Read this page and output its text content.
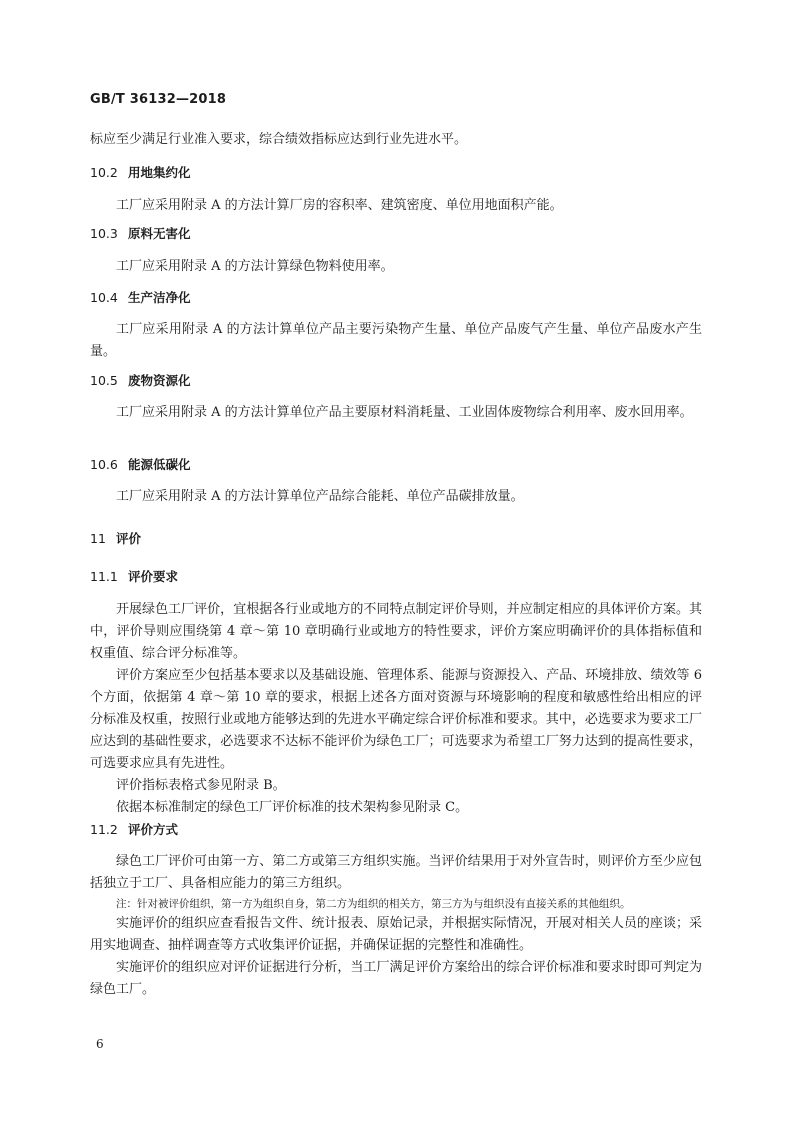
GB/T 36132—2018

标应至少满足行业准入要求，综合绩效指标应达到行业先进水平。

10.2 用地集约化

工厂应采用附录 A 的方法计算厂房的容积率、建筑密度、单位用地面积产能。

10.3 原料无害化

工厂应采用附录 A 的方法计算绿色物料使用率。

10.4 生产洁净化

工厂应采用附录 A 的方法计算单位产品主要污染物产生量、单位产品废气产生量、单位产品废水产生量。

10.5 废物资源化

工厂应采用附录 A 的方法计算单位产品主要原材料消耗量、工业固体废物综合利用率、废水回用率。

10.6 能源低碳化

工厂应采用附录 A 的方法计算单位产品综合能耗、单位产品碳排放量。

11 评价

11.1 评价要求

开展绿色工厂评价，宜根据各行业或地方的不同特点制定评价导则，并应制定相应的具体评价方案。其中，评价导则应围绕第 4 章～第 10 章明确行业或地方的特性要求，评价方案应明确评价的具体指标值和权重值、综合评分标准等。

评价方案应至少包括基本要求以及基础设施、管理体系、能源与资源投入、产品、环境排放、绩效等 6 个方面，依据第 4 章～第 10 章的要求，根据上述各方面对资源与环境影响的程度和敏感性给出相应的评分标准及权重，按照行业或地方能够达到的先进水平确定综合评价标准和要求。其中，必选要求为要求工厂应达到的基础性要求，必选要求不达标不能评价为绿色工厂；可选要求为希望工厂努力达到的提高性要求，可选要求应具有先进性。

评价指标表格式参见附录 B。

依据本标准制定的绿色工厂评价标准的技术架构参见附录 C。

11.2 评价方式

绿色工厂评价可由第一方、第二方或第三方组织实施。当评价结果用于对外宣告时，则评价方至少应包括独立于工厂、具备相应能力的第三方组织。

注：针对被评价组织，第一方为组织自身，第二方为组织的相关方，第三方为与组织没有直接关系的其他组织。

实施评价的组织应查看报告文件、统计报表、原始记录，并根据实际情况，开展对相关人员的座谈；采用实地调查、抽样调查等方式收集评价证据，并确保证据的完整性和准确性。

实施评价的组织应对评价证据进行分析，当工厂满足评价方案给出的综合评价标准和要求时即可判定为绿色工厂。

6
